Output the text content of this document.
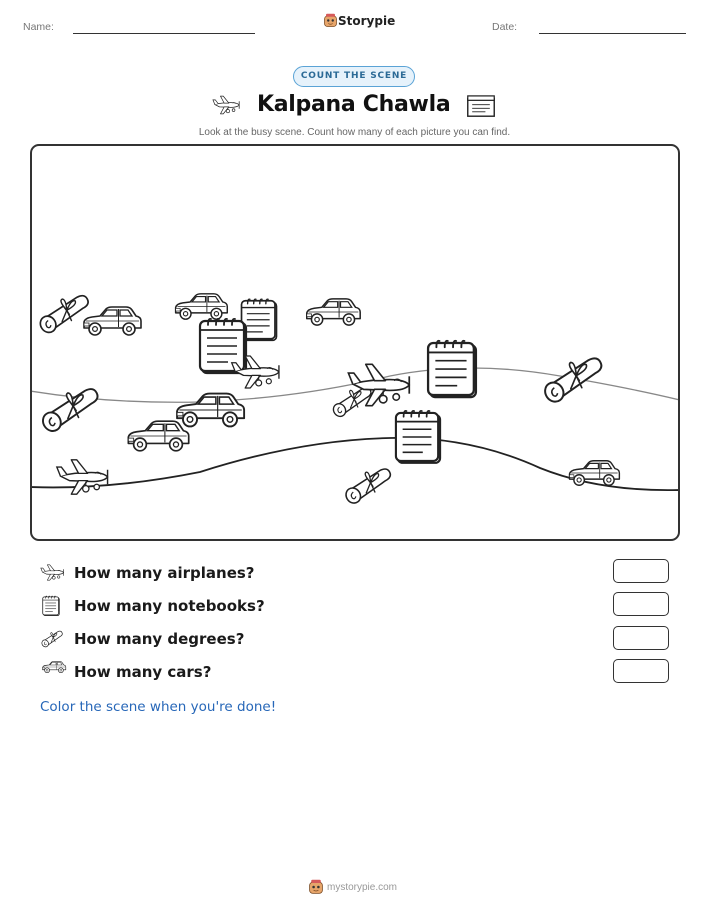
Name:	Storypie	Date:
COUNT THE SCENE
Kalpana Chawla
Look at the busy scene. Count how many of each picture you can find.
How many airplanes?
How many notebooks?
How many degrees?
How many cars?
Color the scene when you're done!
mystorypie.com
